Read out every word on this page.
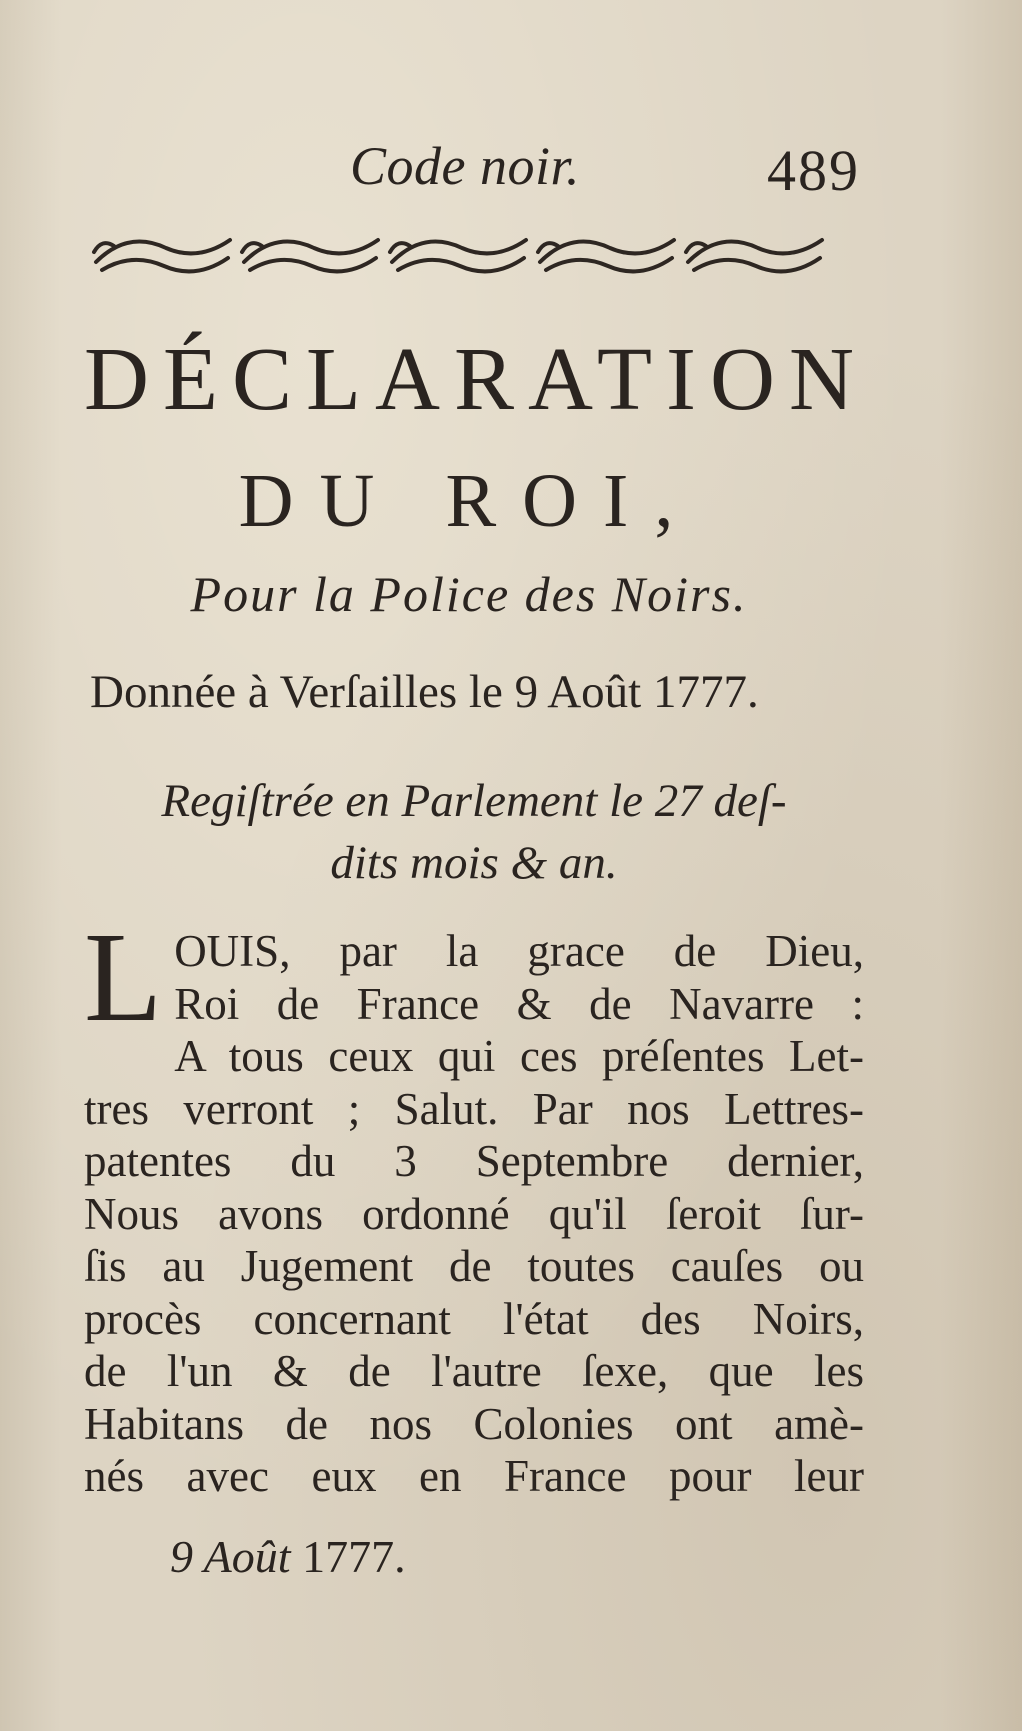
Code noir.	489
DÉCLARATION
DU ROI,
Pour la Police des Noirs.
Donnée à Verſailles le 9 Août 1777.
Regiſtrée en Parlement le 27 deſ-
dits mois & an.
L OUIS, par la grace de Dieu,
Roi de France & de Navarre :
A tous ceux qui ces préſentes Let-
tres verront ; Salut. Par nos Lettres-
patentes du 3 Septembre dernier,
Nous avons ordonné qu'il ſeroit ſur-
ſis au Jugement de toutes cauſes ou
procès concernant l'état des Noirs,
de l'un & de l'autre ſexe, que les
Habitans de nos Colonies ont amè-
nés avec eux en France pour leur
9 Août 1777.
